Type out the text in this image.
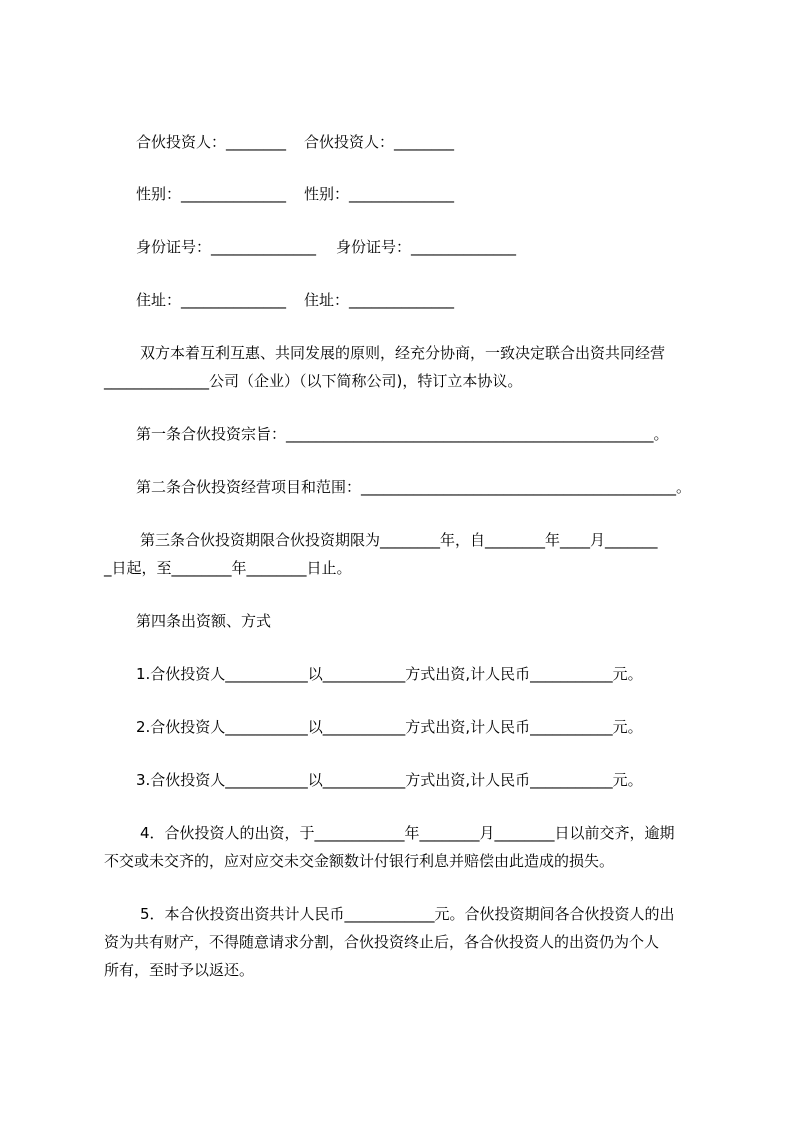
合伙投资人：________ 合伙投资人：________
性别：______________ 性别：______________
身份证号：______________ 身份证号：______________
住址：______________ 住址：______________
双方本着互利互惠、共同发展的原则，经充分协商，一致决定联合出资共同经营
______________公司（企业）（以下简称公司)，特订立本协议。
第一条合伙投资宗旨：_________________________________________________。
第二条合伙投资经营项目和范围：__________________________________________。
第三条合伙投资期限合伙投资期限为________年，自________年____月_______
_日起，至________年________日止。
第四条出资额、方式
1.合伙投资人___________以___________方式出资,计人民币___________元。
2.合伙投资人___________以___________方式出资,计人民币___________元。
3.合伙投资人___________以___________方式出资,计人民币___________元。
4．合伙投资人的出资，于____________年________月________日以前交齐，逾期
不交或未交齐的，应对应交未交金额数计付银行利息并赔偿由此造成的损失。
5．本合伙投资出资共计人民币____________元。合伙投资期间各合伙投资人的出
资为共有财产，不得随意请求分割，合伙投资终止后，各合伙投资人的出资仍为个人
所有，至时予以返还。
